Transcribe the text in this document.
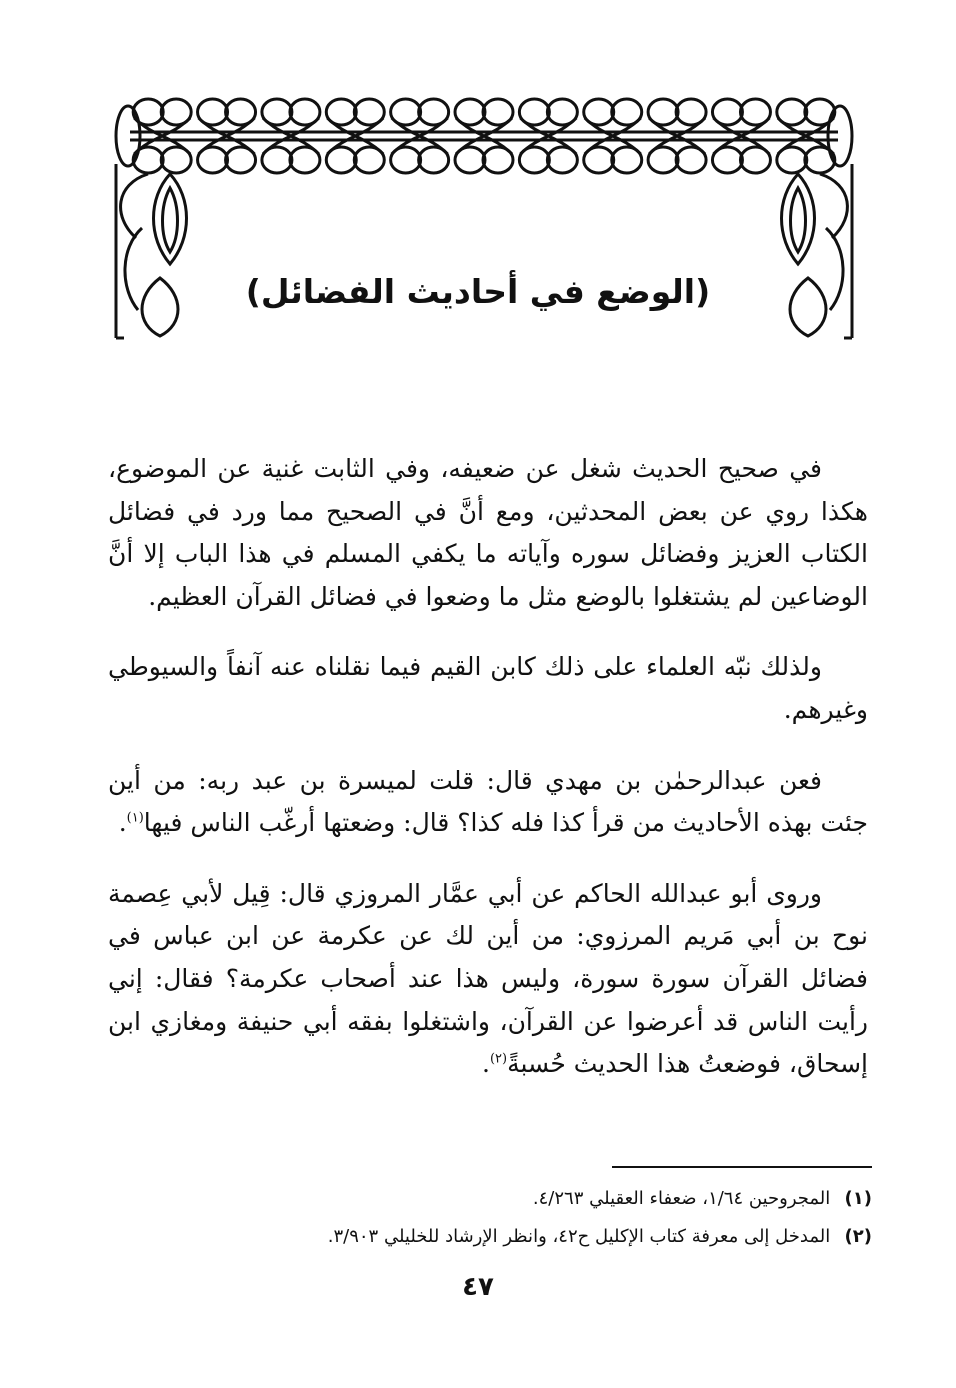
(الوضع في أحاديث الفضائل)

في صحيح الحديث شغل عن ضعيفه، وفي الثابت غنية عن الموضوع، هكذا روي عن بعض المحدثين، ومع أنَّ في الصحيح مما ورد في فضائل الكتاب العزيز وفضائل سوره وآياته ما يكفي المسلم في هذا الباب إلا أنَّ الوضاعين لم يشتغلوا بالوضع مثل ما وضعوا في فضائل القرآن العظيم.

ولذلك نبّه العلماء على ذلك كابن القيم فيما نقلناه عنه آنفاً والسيوطي وغيرهم.

فعن عبدالرحمٰن بن مهدي قال: قلت لميسرة بن عبد ربه: من أين جئت بهذه الأحاديث من قرأ كذا فله كذا؟ قال: وضعتها أرغّب الناس فيها$^{(١)}$.

وروى أبو عبدالله الحاكم عن أبي عمَّار المروزي قال: قِيل لأبي عِصمة نوح بن أبي مَريم المرزوي: من أين لك عن عكرمة عن ابن عباس في فضائل القرآن سورة سورة، وليس هذا عند أصحاب عكرمة؟ فقال: إني رأيت الناس قد أعرضوا عن القرآن، واشتغلوا بفقه أبي حنيفة ومغازي ابن إسحاق، فوضعتُ هذا الحديث حُسبةً$^{(٢)}$.

(١) المجروحين ١/٦٤، ضعفاء العقيلي ٤/٢٦٣.

(٢) المدخل إلى معرفة كتاب الإكليل ح٤٢، وانظر الإرشاد للخليلي ٣/٩٠٣.

٤٧
